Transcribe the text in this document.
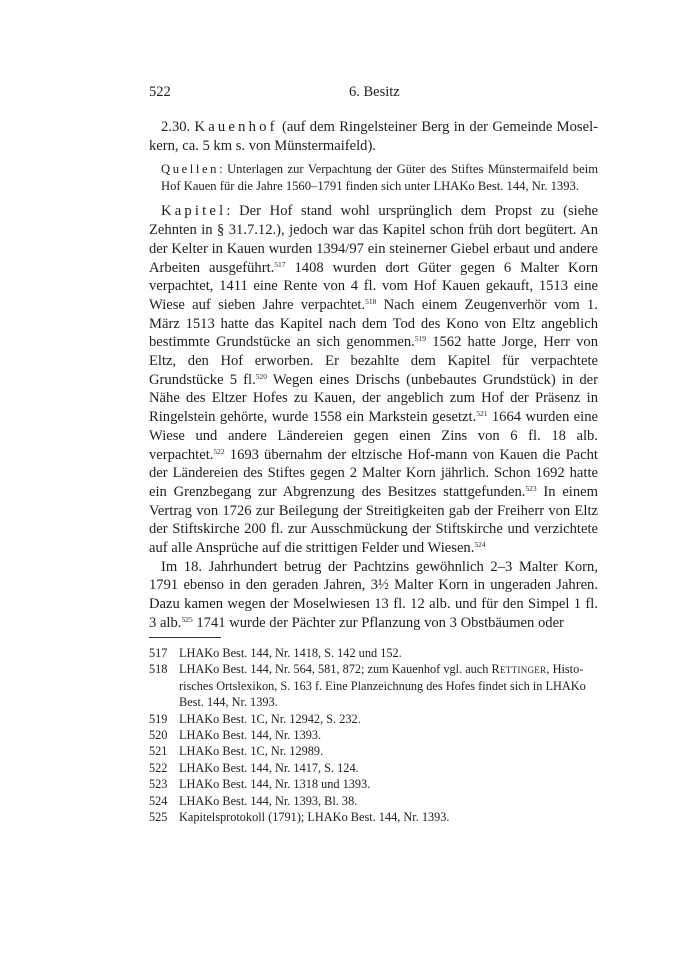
522	6. Besitz

2.30. Kauenhof (auf dem Ringelsteiner Berg in der Gemeinde Mosel-kern, ca. 5 km s. von Münstermaifeld).

Quellen: Unterlagen zur Verpachtung der Güter des Stiftes Münstermaifeld beim Hof Kauen für die Jahre 1560–1791 finden sich unter LHAKo Best. 144, Nr. 1393.

Kapitel: Der Hof stand wohl ursprünglich dem Propst zu (siehe Zehnten in § 31.7.12.), jedoch war das Kapitel schon früh dort begütert. An der Kelter in Kauen wurden 1394/97 ein steinerner Giebel erbaut und andere Arbeiten ausgeführt.$^{517}$ 1408 wurden dort Güter gegen 6 Malter Korn verpachtet, 1411 eine Rente von 4 fl. vom Hof Kauen gekauft, 1513 eine Wiese auf sieben Jahre verpachtet.$^{518}$ Nach einem Zeugenverhör vom 1. März 1513 hatte das Kapitel nach dem Tod des Kono von Eltz angeblich bestimmte Grundstücke an sich genommen.$^{519}$ 1562 hatte Jorge, Herr von Eltz, den Hof erworben. Er bezahlte dem Kapitel für verpachtete Grundstücke 5 fl.$^{520}$ Wegen eines Drischs (unbebautes Grundstück) in der Nähe des Eltzer Hofes zu Kauen, der angeblich zum Hof der Präsenz in Ringelstein gehörte, wurde 1558 ein Markstein gesetzt.$^{521}$ 1664 wurden eine Wiese und andere Ländereien gegen einen Zins von 6 fl. 18 alb. verpachtet.$^{522}$ 1693 übernahm der eltzische Hof-mann von Kauen die Pacht der Ländereien des Stiftes gegen 2 Malter Korn jährlich. Schon 1692 hatte ein Grenzbegang zur Abgrenzung des Besitzes stattgefunden.$^{523}$ In einem Vertrag von 1726 zur Beilegung der Streitigkeiten gab der Freiherr von Eltz der Stiftskirche 200 fl. zur Ausschmückung der Stiftskirche und verzichtete auf alle Ansprüche auf die strittigen Felder und Wiesen.$^{524}$

Im 18. Jahrhundert betrug der Pachtzins gewöhnlich 2–3 Malter Korn, 1791 ebenso in den geraden Jahren, 3½ Malter Korn in ungeraden Jahren. Dazu kamen wegen der Moselwiesen 13 fl. 12 alb. und für den Simpel 1 fl. 3 alb.$^{525}$ 1741 wurde der Pächter zur Pflanzung von 3 Obstbäumen oder

517 LHAKo Best. 144, Nr. 1418, S. 142 und 152.
518 LHAKo Best. 144, Nr. 564, 581, 872; zum Kauenhof vgl. auch Rettinger, Histo-risches Ortslexikon, S. 163 f. Eine Planzeichnung des Hofes findet sich in LHAKo Best. 144, Nr. 1393.
519 LHAKo Best. 1C, Nr. 12942, S. 232.
520 LHAKo Best. 144, Nr. 1393.
521 LHAKo Best. 1C, Nr. 12989.
522 LHAKo Best. 144, Nr. 1417, S. 124.
523 LHAKo Best. 144, Nr. 1318 und 1393.
524 LHAKo Best. 144, Nr. 1393, Bl. 38.
525 Kapitelsprotokoll (1791); LHAKo Best. 144, Nr. 1393.
